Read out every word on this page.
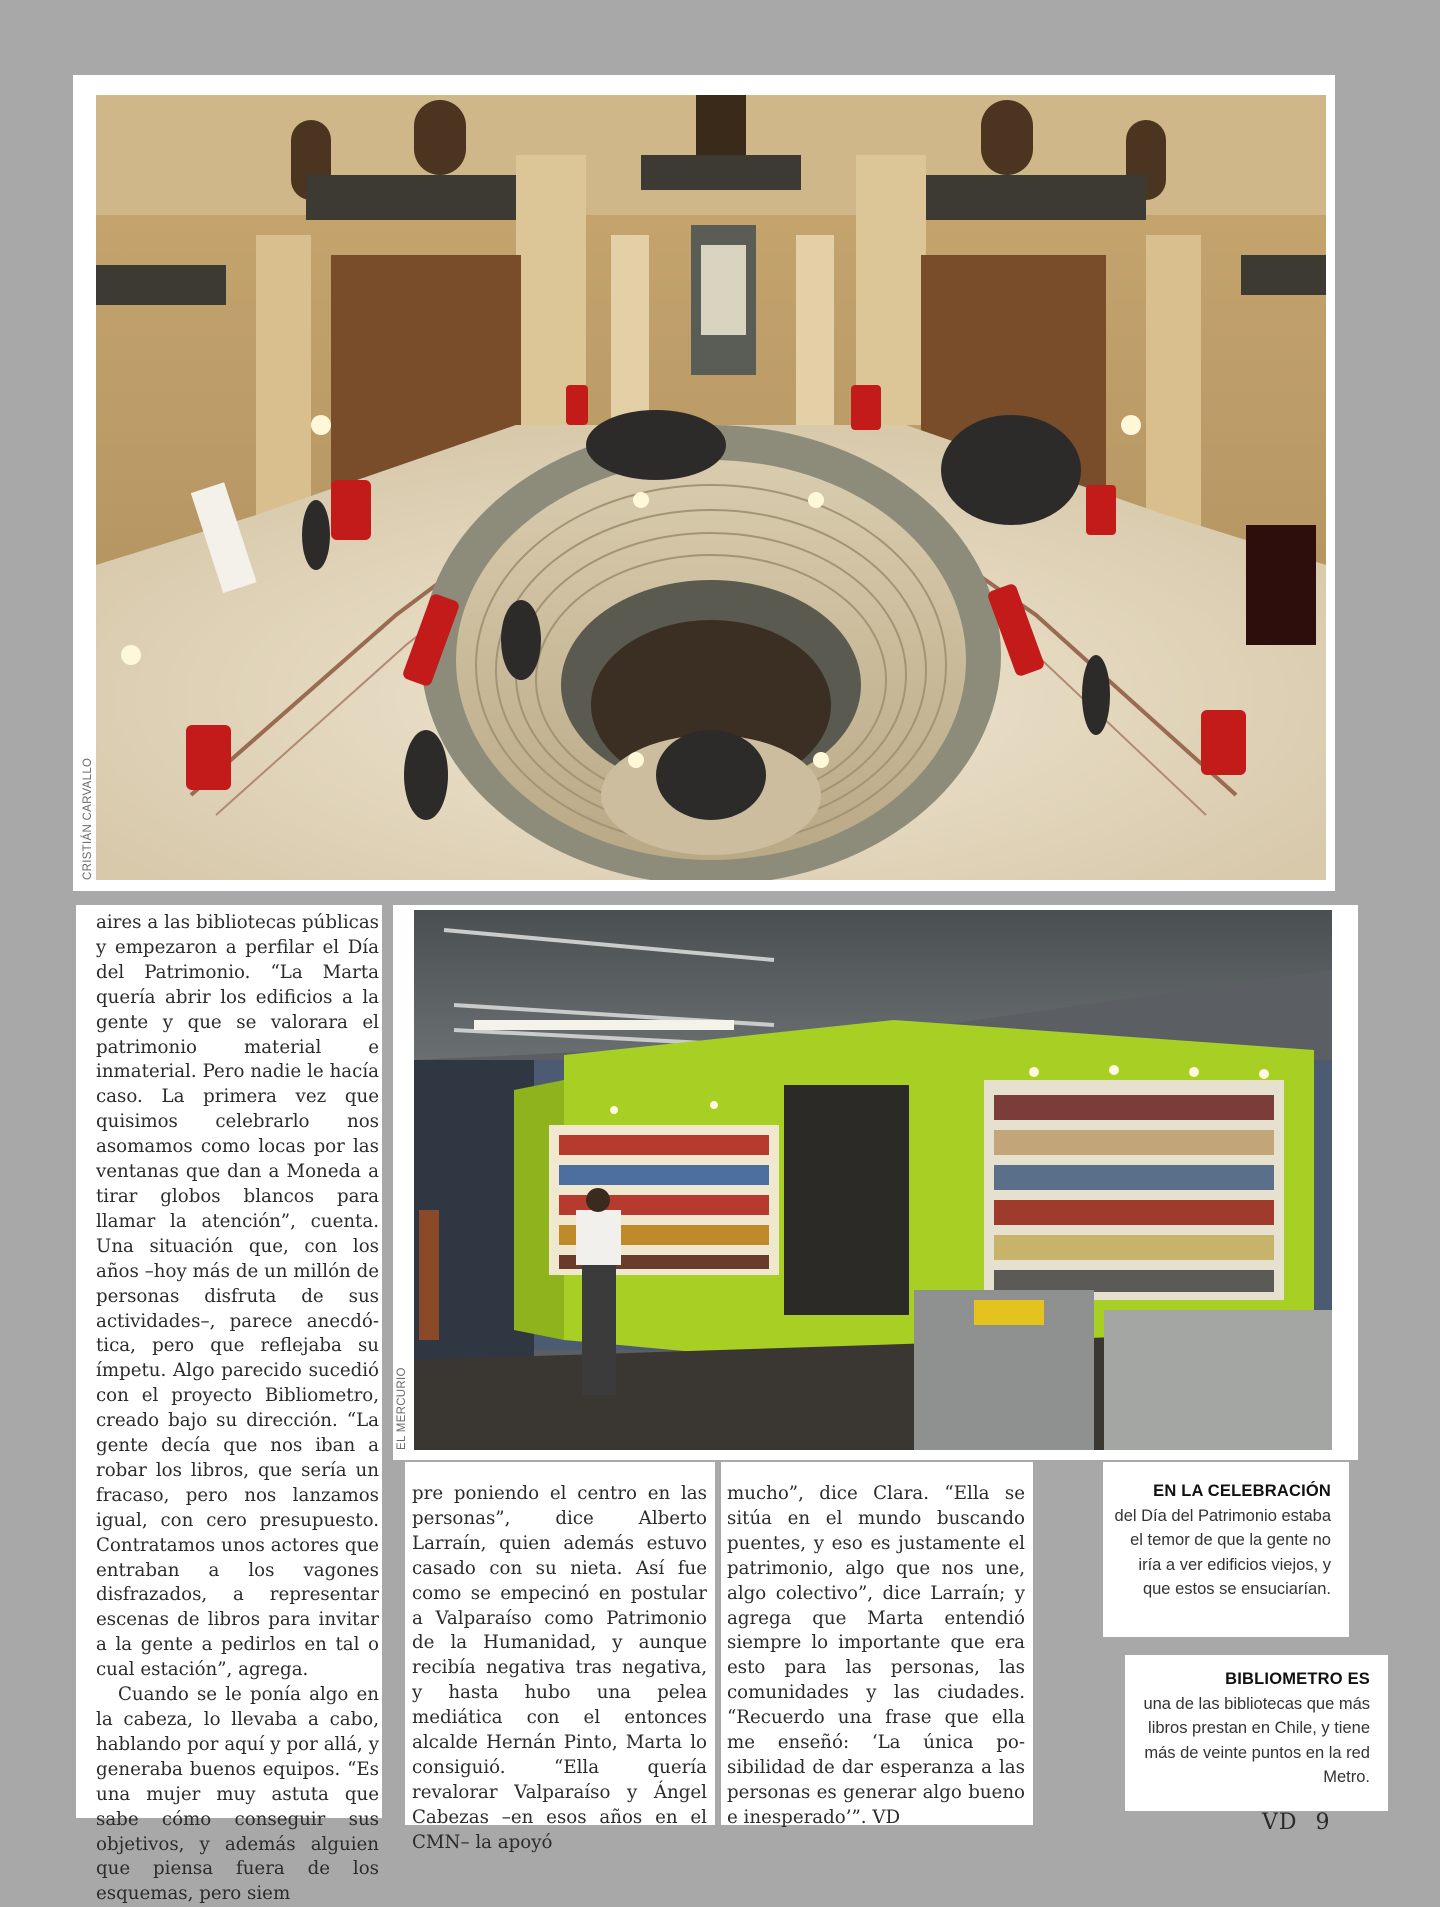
CRISTIÁN CARVALLO
EL MERCURIO

aires a las bibliotecas públicas y empezaron a perfilar el Día del Patrimonio. “La Marta quería abrir los edificios a la gente y que se valorara el patrimonio material e inmaterial. Pero nadie le hacía caso. La primera vez que quisimos celebrarlo nos asomamos como locas por las ventanas que dan a Moneda a tirar globos blancos para llamar la atención”, cuenta. Una situación que, con los años –hoy más de un millón de personas disfruta de sus actividades–, parece anecdótica, pero que reflejaba su ímpetu. Algo parecido sucedió con el proyecto Bibliometro, creado bajo su dirección. “La gente decía que nos iban a robar los libros, que sería un fracaso, pero nos lanzamos igual, con cero presupuesto. Contratamos unos actores que entraban a los vagones disfrazados, a representar escenas de libros para invitar a la gente a pedirlos en tal o cual estación”, agrega.

Cuando se le ponía algo en la cabeza, lo llevaba a cabo, hablando por aquí y por allá, y generaba buenos equipos. “Es una mujer muy astuta que sabe cómo conseguir sus objetivos, y además alguien que piensa fuera de los esquemas, pero siem

pre poniendo el centro en las personas”, dice Alberto Larraín, quien además estuvo casado con su nieta. Así fue como se empecinó en postular a Valparaíso como Patrimonio de la Humanidad, y aunque recibía negativa tras negativa, y hasta hubo una pelea mediática con el entonces alcalde Hernán Pinto, Marta lo consiguió. “Ella quería revalorar Valparaíso y Ángel Cabezas –en esos años en el CMN– la apoyó

mucho”, dice Clara. “Ella se sitúa en el mundo buscando puentes, y eso es justamente el patrimonio, algo que nos une, algo colectivo”, dice Larraín; y agrega que Marta entendió siempre lo importante que era esto para las personas, las comunidades y las ciudades. “Recuerdo una frase que ella me enseñó: ‘La única posibilidad de dar esperanza a las personas es generar algo bueno e inesperado’”. VD

EN LA CELEBRACIÓN
del Día del Patrimonio estaba el temor de que la gente no iría a ver edificios viejos, y que estos se ensuciarían.
BIBLIOMETRO ES
una de las bibliotecas que más libros prestan en Chile, y tiene más de veinte puntos en la red Metro.
VD 9
